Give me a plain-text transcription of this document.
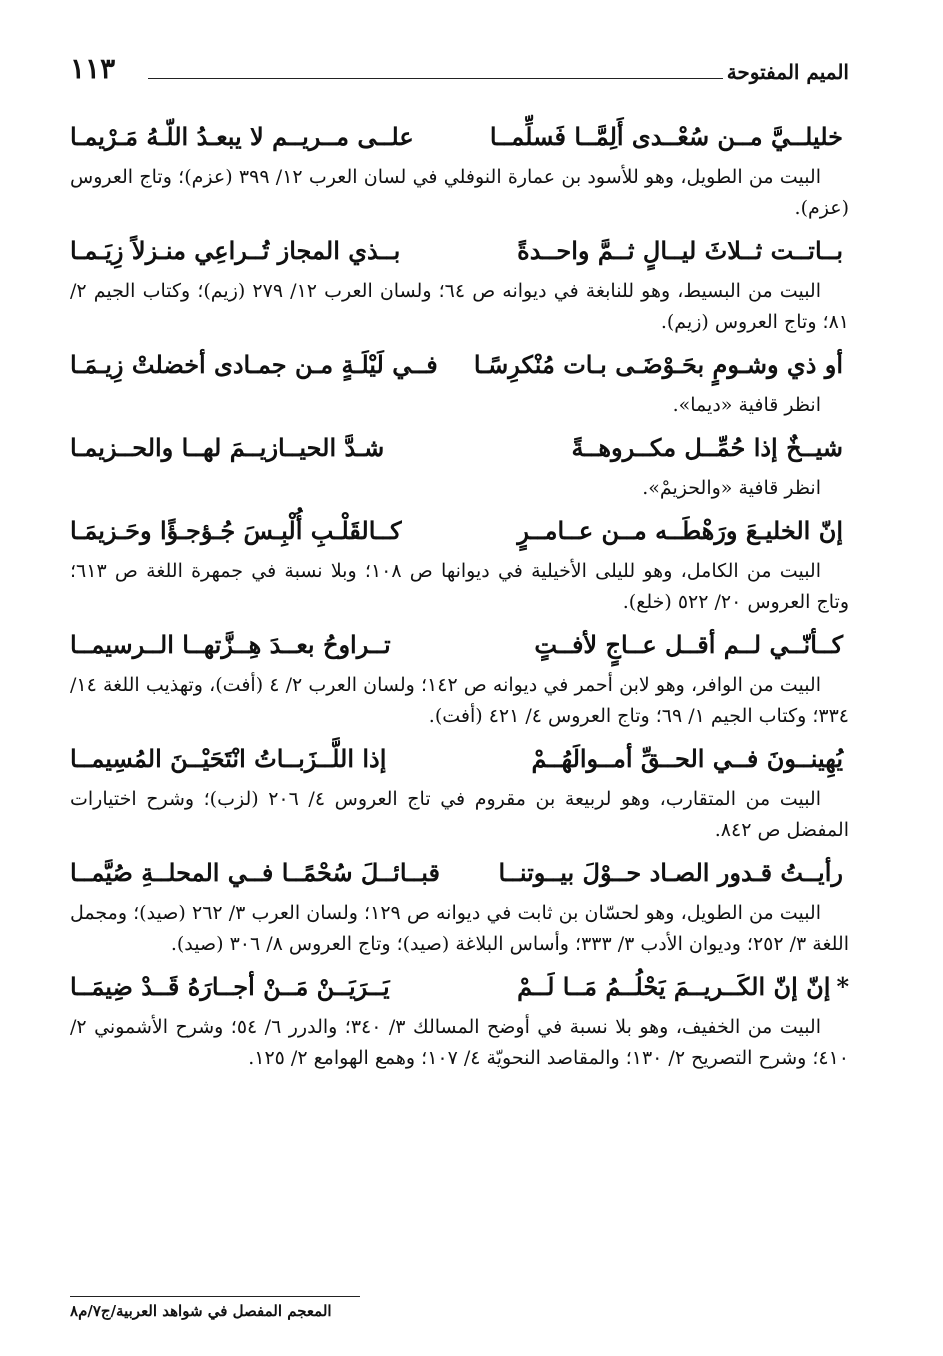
الميم المفتوحة
١١٣
خليلــيَّ مــن سُعْــدى أَلِمَّــا فَسلِّمــا
علــى مــريــم لا يبعـدُ اللّـهُ مَـرْيمـا

البيت من الطويل، وهو للأسود بن عمارة النوفلي في لسان العرب ١٢/ ٣٩٩ (عزم)؛ وتاج العروس (عزم).

بــاتــت ثــلاثَ ليــالٍ ثــمَّ واحــدةً
بــذي المجاز تُــراعِي منـزلاً زِيَـمـا

البيت من البسيط، وهو للنابغة في ديوانه ص ٦٤؛ ولسان العرب ١٢/ ٢٧٩ (زيم)؛ وكتاب الجيم ٢/ ٨١؛ وتاج العروس (زيم).

أو ذي وشـومٍ بحَـوْضَـى بـات مُنْكرِسًـا
فــي لَيْلَـةٍ مـن جمـادى أخضلتْ زِيـمَـا

انظر قافية «ديما».

شيــخٌ إذا حُمِّــل مكــروهــةً
شـدَّ الحيــازيــمَ لهــا والحــزيمـا

انظر قافية «والحزيمْ».

إنّ الخليـعَ ورَهْطَــه مــن عــامــرٍ
كــالقَلْـبِ أُلْبِـسَ جُـؤجـؤًا وحَـزيمَـا

البيت من الكامل، وهو لليلى الأخيلية في ديوانها ص ١٠٨؛ وبلا نسبة في جمهرة اللغة ص ٦١٣؛ وتاج العروس ٢٠/ ٥٢٢ (خلع).

كــأنّــي لــم أقــل عــاجٍ لأفــتٍ
تــراوحُ بعــدَ هِــزَّتهــا الــرسيمــا

البيت من الوافر، وهو لابن أحمر في ديوانه ص ١٤٢؛ ولسان العرب ٢/ ٤ (أفت)، وتهذيب اللغة ١٤/ ٣٣٤؛ وكتاب الجيم ١/ ٦٩؛ وتاج العروس ٤/ ٤٢١ (أفت).

يُهِينــونَ فــي الحــقِّ أمــوالَهُــمْ
إذا اللَّــزَبــاتُ انْتَحَيْــنَ المُسِيمــا

البيت من المتقارب، وهو لربيعة بن مقروم في تاج العروس ٤/ ٢٠٦ (لزب)؛ وشرح اختيارات المفضل ص ٨٤٢.

رأيــتُ قـدور الصـاد حــوْلَ بيــوتنــا
قبــائــلَ سُحْمًــا فــي المحلــةِ صُيَّمــا

البيت من الطويل، وهو لحسّان بن ثابت في ديوانه ص ١٢٩؛ ولسان العرب ٣/ ٢٦٢ (صيد)؛ ومجمل اللغة ٣/ ٢٥٢؛ وديوان الأدب ٣/ ٣٣٣؛ وأساس البلاغة (صيد)؛ وتاج العروس ٨/ ٣٠٦ (صيد).

*إنّ إنّ الكَــريــمَ يَحْلُــمُ مَــا لَــمْ
يَــرَيَــنْ مَــنْ أجــارَهُ قَــدْ ضِيمَــا

البيت من الخفيف، وهو بلا نسبة في أوضح المسالك ٣/ ٣٤٠؛ والدرر ٦/ ٥٤؛ وشرح الأشموني ٢/ ٤١٠؛ وشرح التصريح ٢/ ١٣٠؛ والمقاصد النحويّة ٤/ ١٠٧؛ وهمع الهوامع ٢/ ١٢٥.

المعجم المفصل في شواهد العربية/ج٧/م٨
